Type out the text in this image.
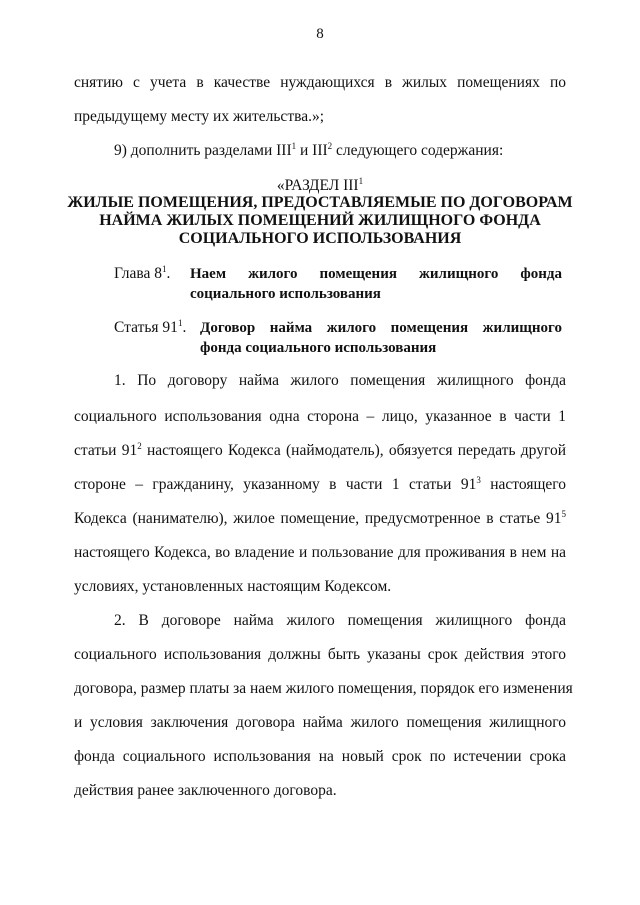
8
снятию с учета в качестве нуждающихся в жилых помещениях по
предыдущему месту их жительства.»;
9) дополнить разделами III$^1$ и III$^2$ следующего содержания:
«РАЗДЕЛ III$^1$
ЖИЛЫЕ ПОМЕЩЕНИЯ, ПРЕДОСТАВЛЯЕМЫЕ ПО ДОГОВОРАМ
НАЙМА ЖИЛЫХ ПОМЕЩЕНИЙ ЖИЛИЩНОГО ФОНДА
СОЦИАЛЬНОГО ИСПОЛЬЗОВАНИЯ
Глава $8^1$. Наем жилого помещения жилищного фонда
социального использования
Статья $91^1$. Договор найма жилого помещения жилищного
фонда социального использования
1. По договору найма жилого помещения жилищного фонда
социального использования одна сторона – лицо, указанное в части 1
статьи $91^2$ настоящего Кодекса (наймодатель), обязуется передать другой
стороне – гражданину, указанному в части 1 статьи $91^3$ настоящего
Кодекса (нанимателю), жилое помещение, предусмотренное в статье $91^5$
настоящего Кодекса, во владение и пользование для проживания в нем на
условиях, установленных настоящим Кодексом.
2. В договоре найма жилого помещения жилищного фонда
социального использования должны быть указаны срок действия этого
договора, размер платы за наем жилого помещения, порядок его изменения
и условия заключения договора найма жилого помещения жилищного
фонда социального использования на новый срок по истечении срока
действия ранее заключенного договора.
